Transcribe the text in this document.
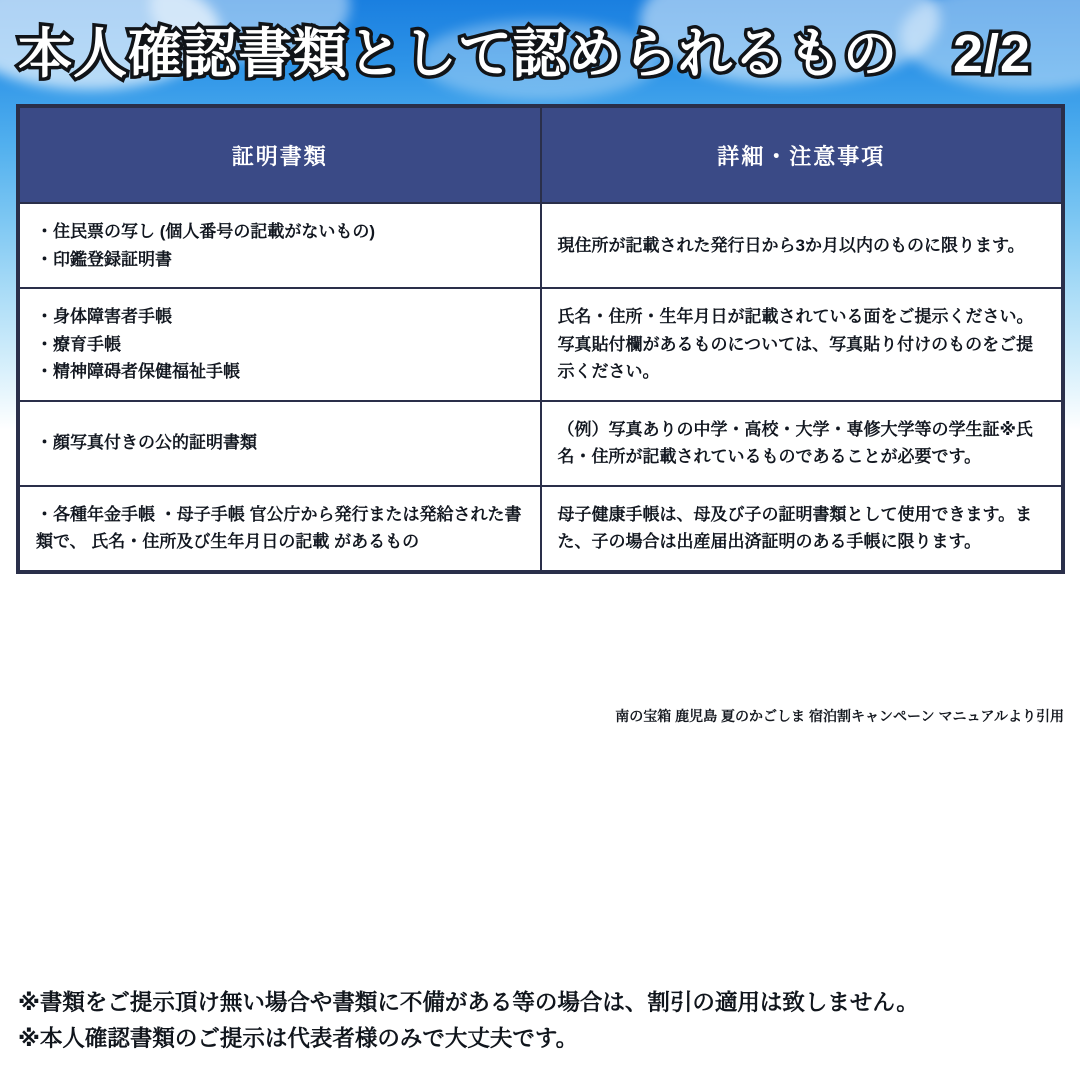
本人確認書類として認められるもの　2/2
証明書類	詳細・注意事項

・住民票の写し (個人番号の記載がないもの)
・印鑑登録証明書	現住所が記載された発行日から3か月以内のものに限ります。

・身体障害者手帳
・療育手帳
・精神障碍者保健福祉手帳	氏名・住所・生年月日が記載されている面をご提示ください。 写真貼付欄があるものについては、写真貼り付けのものをご提 示ください。

・顔写真付きの公的証明書類	（例）写真ありの中学・高校・大学・専修大学等の学生証※氏名・住所が記載されているものであることが必要です。

・各種年金手帳 ・母子手帳 官公庁から発行または発給された書類で、 氏名・住所及び生年月日の記載 があるもの	母子健康手帳は、母及び子の証明書類として使用できます。ま た、子の場合は出産届出済証明のある手帳に限ります。
南の宝箱 鹿児島 夏のかごしま 宿泊割キャンペーン マニュアルより引用
※書類をご提示頂け無い場合や書類に不備がある等の場合は、割引の適用は致しません。
※本人確認書類のご提示は代表者様のみで大丈夫です。
